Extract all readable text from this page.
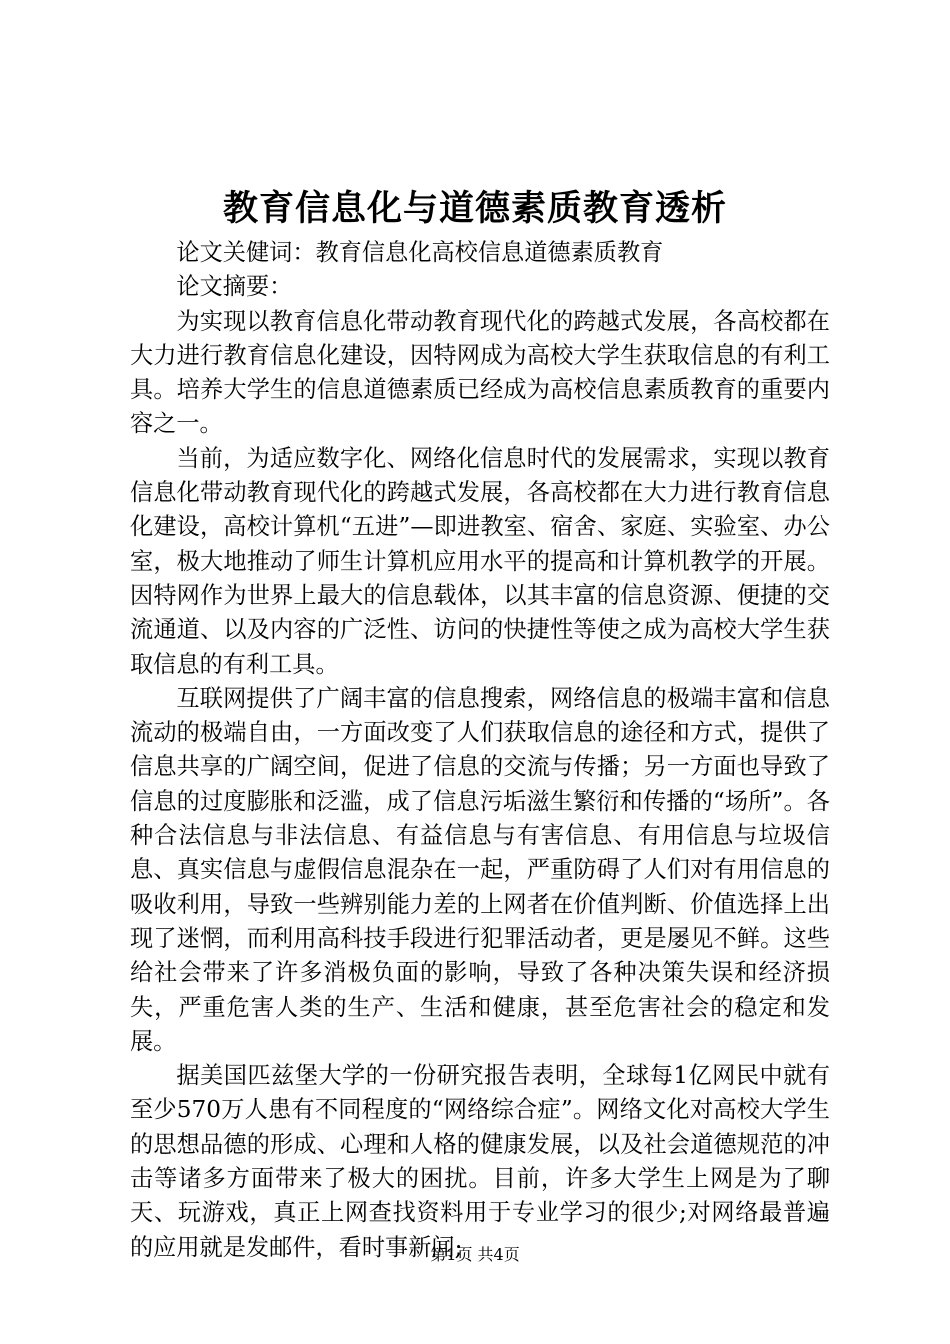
教育信息化与道德素质教育透析
论文关健词：教育信息化高校信息道德素质教育
论文摘要：

为实现以教育信息化带动教育现代化的跨越式发展，各高校都在大力进行教育信息化建设，因特网成为高校大学生获取信息的有利工具。培养大学生的信息道德素质已经成为高校信息素质教育的重要内容之一。

当前，为适应数字化、网络化信息时代的发展需求，实现以教育信息化带动教育现代化的跨越式发展，各高校都在大力进行教育信息化建设，高校计算机“五进”—即进教室、宿舍、家庭、实验室、办公室，极大地推动了师生计算机应用水平的提高和计算机教学的开展。因特网作为世界上最大的信息载体，以其丰富的信息资源、便捷的交流通道、以及内容的广泛性、访问的快捷性等使之成为高校大学生获取信息的有利工具。

互联网提供了广阔丰富的信息搜索，网络信息的极端丰富和信息流动的极端自由，一方面改变了人们获取信息的途径和方式，提供了信息共享的广阔空间，促进了信息的交流与传播；另一方面也导致了信息的过度膨胀和泛滥，成了信息污垢滋生繁衍和传播的“场所”。各种合法信息与非法信息、有益信息与有害信息、有用信息与垃圾信息、真实信息与虚假信息混杂在一起，严重防碍了人们对有用信息的吸收利用，导致一些辨别能力差的上网者在价值判断、价值选择上出现了迷惘，而利用高科技手段进行犯罪活动者，更是屡见不鲜。这些给社会带来了许多消极负面的影响，导致了各种决策失误和经济损失，严重危害人类的生产、生活和健康，甚至危害社会的稳定和发展。

据美国匹兹堡大学的一份研究报告表明，全球每1亿网民中就有至少570万人患有不同程度的“网络综合症”。网络文化对高校大学生的思想品德的形成、心理和人格的健康发展，以及社会道德规范的冲击等诸多方面带来了极大的困扰。目前，许多大学生上网是为了聊天、玩游戏，真正上网查找资料用于专业学习的很少;对网络最普遍的应用就是发邮件，看时事新闻;

第1页 共4页
